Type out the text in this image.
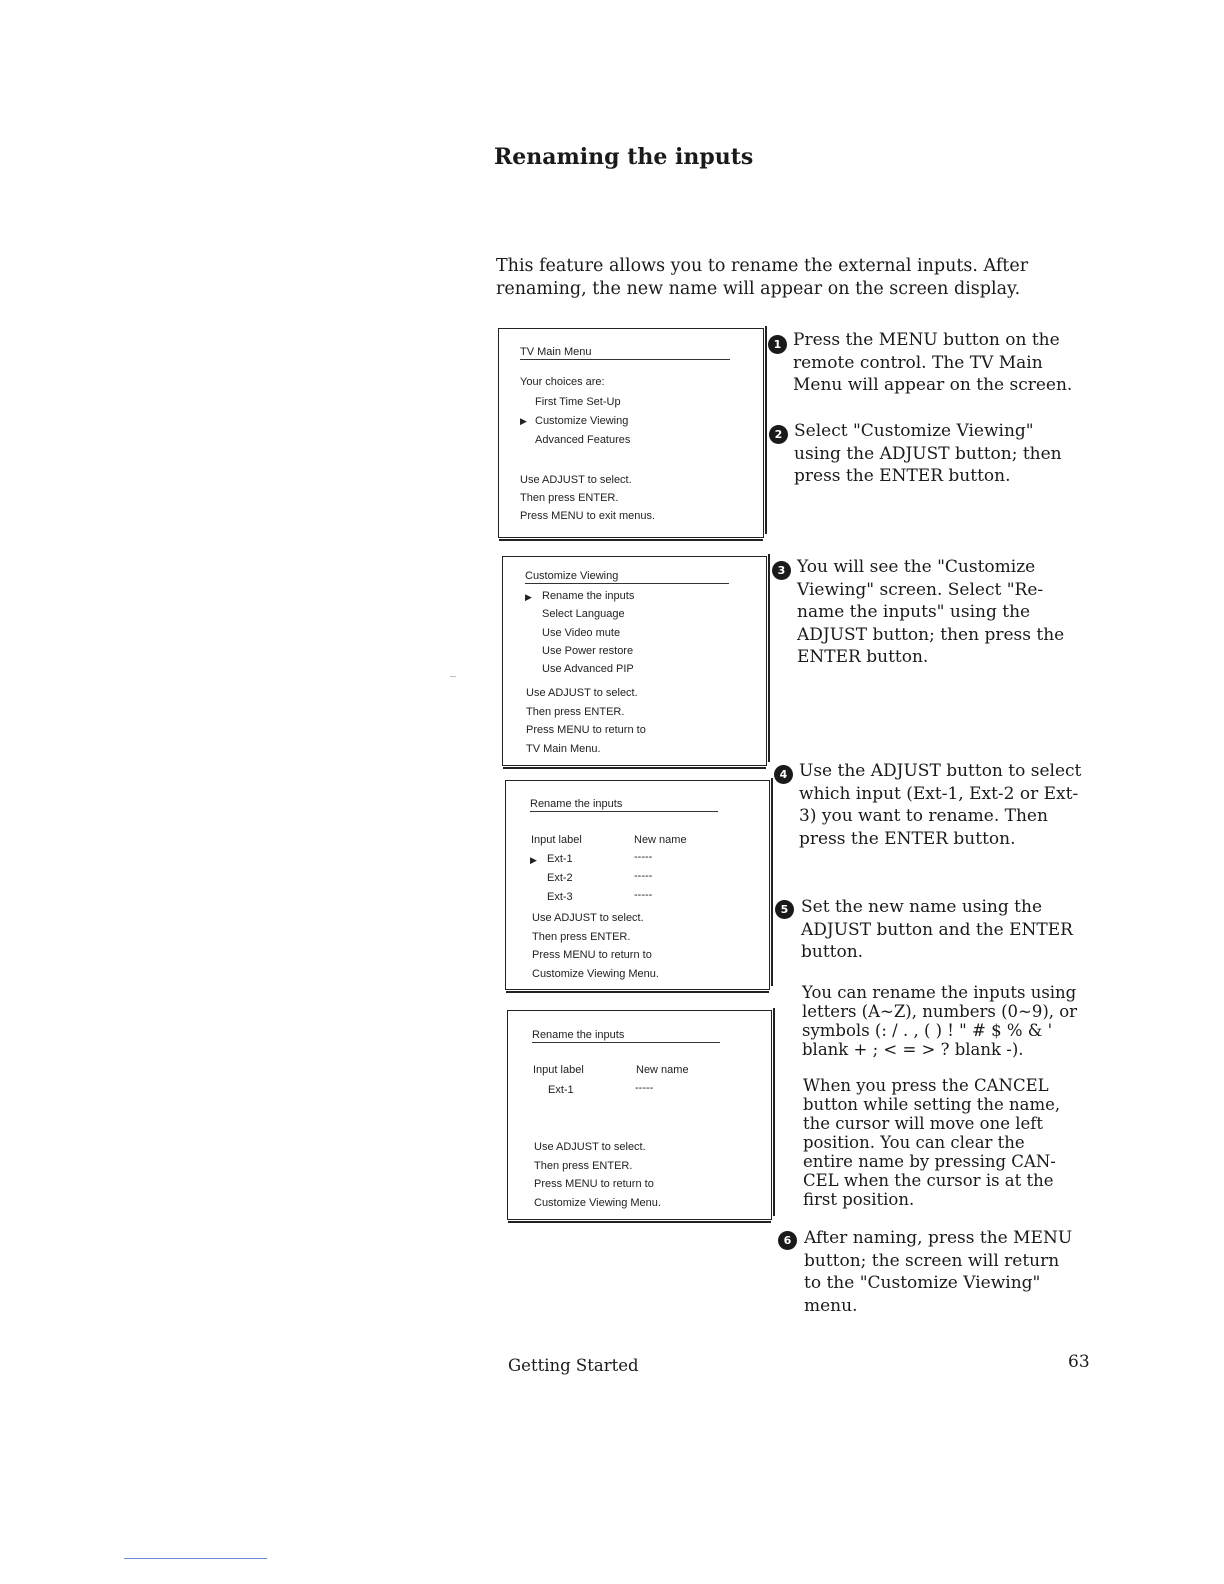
Renaming the inputs

This feature allows you to rename the external inputs. After renaming, the new name will appear on the screen display.

TV Main Menu
Your choices are:
First Time Set-Up
▶ Customize Viewing
Advanced Features
Use ADJUST to select.
Then press ENTER.
Press MENU to exit menus.
Customize Viewing
▶ Rename the inputs
Select Language
Use Video mute
Use Power restore
Use Advanced PIP
Use ADJUST to select.
Then press ENTER.
Press MENU to return to
TV Main Menu.
Rename the inputs
Input label	New name
▶ Ext-1	-----
Ext-2	-----
Ext-3	-----
Use ADJUST to select.
Then press ENTER.
Press MENU to return to
Customize Viewing Menu.
Rename the inputs
Input label	New name
Ext-1	-----
Use ADJUST to select.
Then press ENTER.
Press MENU to return to
Customize Viewing Menu.
1 Press the MENU button on the
remote control. The TV Main
Menu will appear on the screen.
2 Select "Customize Viewing"
using the ADJUST button; then
press the ENTER button.
3 You will see the "Customize
Viewing" screen. Select "Re-
name the inputs" using the
ADJUST button; then press the
ENTER button.
4 Use the ADJUST button to select
which input (Ext-1, Ext-2 or Ext-
3) you want to rename. Then
press the ENTER button.
5 Set the new name using the
ADJUST button and the ENTER
button.
You can rename the inputs using
letters (A~Z), numbers (0~9), or
symbols (: / . , ( ) ! " # $ % & '
blank + ; < = > ? blank -).
When you press the CANCEL
button while setting the name,
the cursor will move one left
position. You can clear the
entire name by pressing CAN-
CEL when the cursor is at the
first position.
6 After naming, press the MENU
button; the screen will return
to the "Customize Viewing"
menu.
Getting Started	63
